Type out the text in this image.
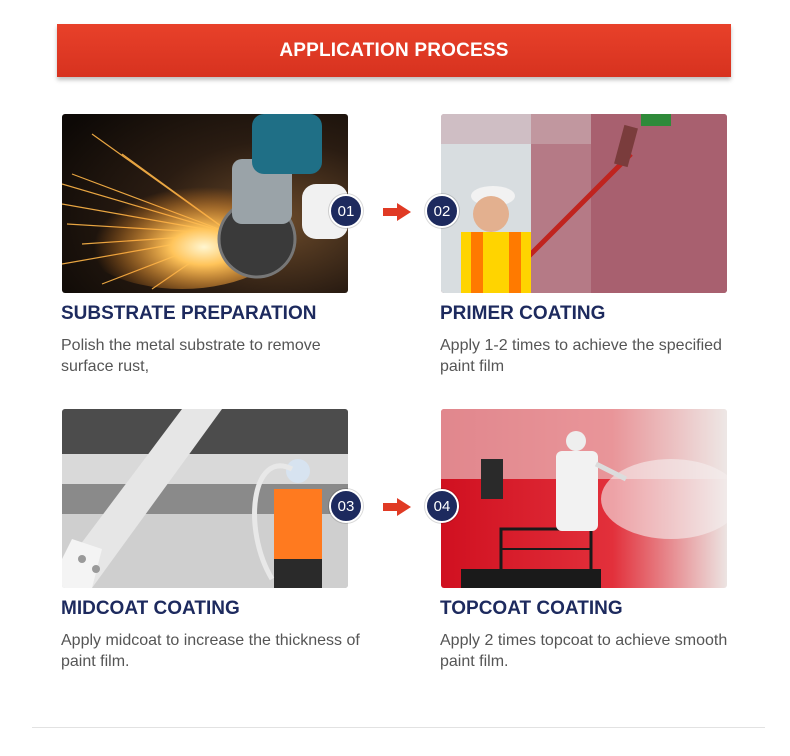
APPLICATION PROCESS
01	02
03	04
SUBSTRATE PREPARATION	PRIMER COATING
MIDCOAT COATING	TOPCOAT COATING
Polish the metal substrate to remove surface rust,
Apply 1-2 times to achieve the specified paint film
Apply midcoat to increase the thickness of paint film.
Apply 2 times topcoat to achieve smooth paint film.
